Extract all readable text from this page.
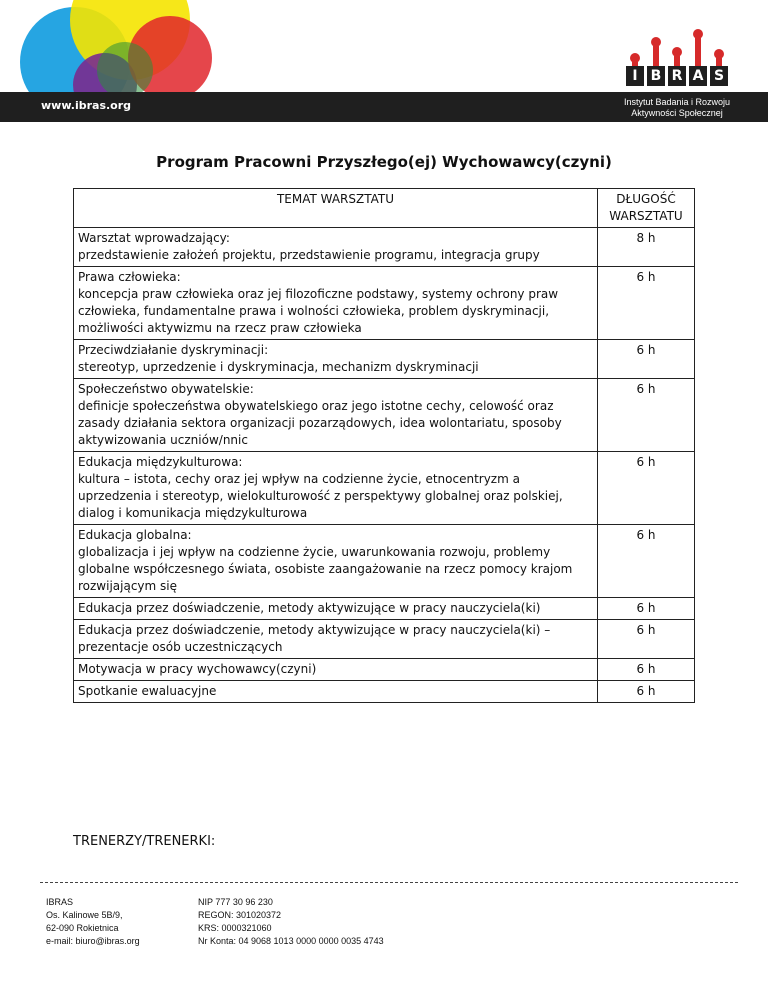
I B R A S
www.ibras.org	Instytut Badania i Rozwoju
Aktywności Społecznej
Program Pracowni Przyszłego(ej) Wychowawcy(czyni)
TEMAT WARSZTATU	DŁUGOŚĆ WARSZTATU

Warsztat wprowadzający:
przedstawienie założeń projektu, przedstawienie programu, integracja grupy	8 h

Prawa człowieka:
koncepcja praw człowieka oraz jej filozoficzne podstawy, systemy ochrony praw człowieka, fundamentalne prawa i wolności człowieka, problem dyskryminacji, możliwości aktywizmu na rzecz praw człowieka	6 h

Przeciwdziałanie dyskryminacji:
stereotyp, uprzedzenie i dyskryminacja, mechanizm dyskryminacji	6 h

Społeczeństwo obywatelskie:
definicje społeczeństwa obywatelskiego oraz jego istotne cechy, celowość oraz zasady działania sektora organizacji pozarządowych, idea wolontariatu, sposoby aktywizowania uczniów/nnic	6 h

Edukacja międzykulturowa:
kultura – istota, cechy oraz jej wpływ na codzienne życie, etnocentryzm a uprzedzenia i stereotyp, wielokulturowość z perspektywy globalnej oraz polskiej, dialog i komunikacja międzykulturowa	6 h

Edukacja globalna:
globalizacja i jej wpływ na codzienne życie, uwarunkowania rozwoju, problemy globalne współczesnego świata, osobiste zaangażowanie na rzecz pomocy krajom rozwijającym się	6 h

Edukacja przez doświadczenie, metody aktywizujące w pracy nauczyciela(ki)	6 h

Edukacja przez doświadczenie, metody aktywizujące w pracy nauczyciela(ki) – prezentacje osób uczestniczących	6 h

Motywacja w pracy wychowawcy(czyni)	6 h

Spotkanie ewaluacyjne	6 h
TRENERZY/TRENERKI:
IBRAS
Os. Kalinowe 5B/9,
62-090 Rokietnica
e-mail: biuro@ibras.org
NIP 777 30 96 230
REGON: 301020372
KRS: 0000321060
Nr Konta: 04 9068 1013 0000 0000 0035 4743
